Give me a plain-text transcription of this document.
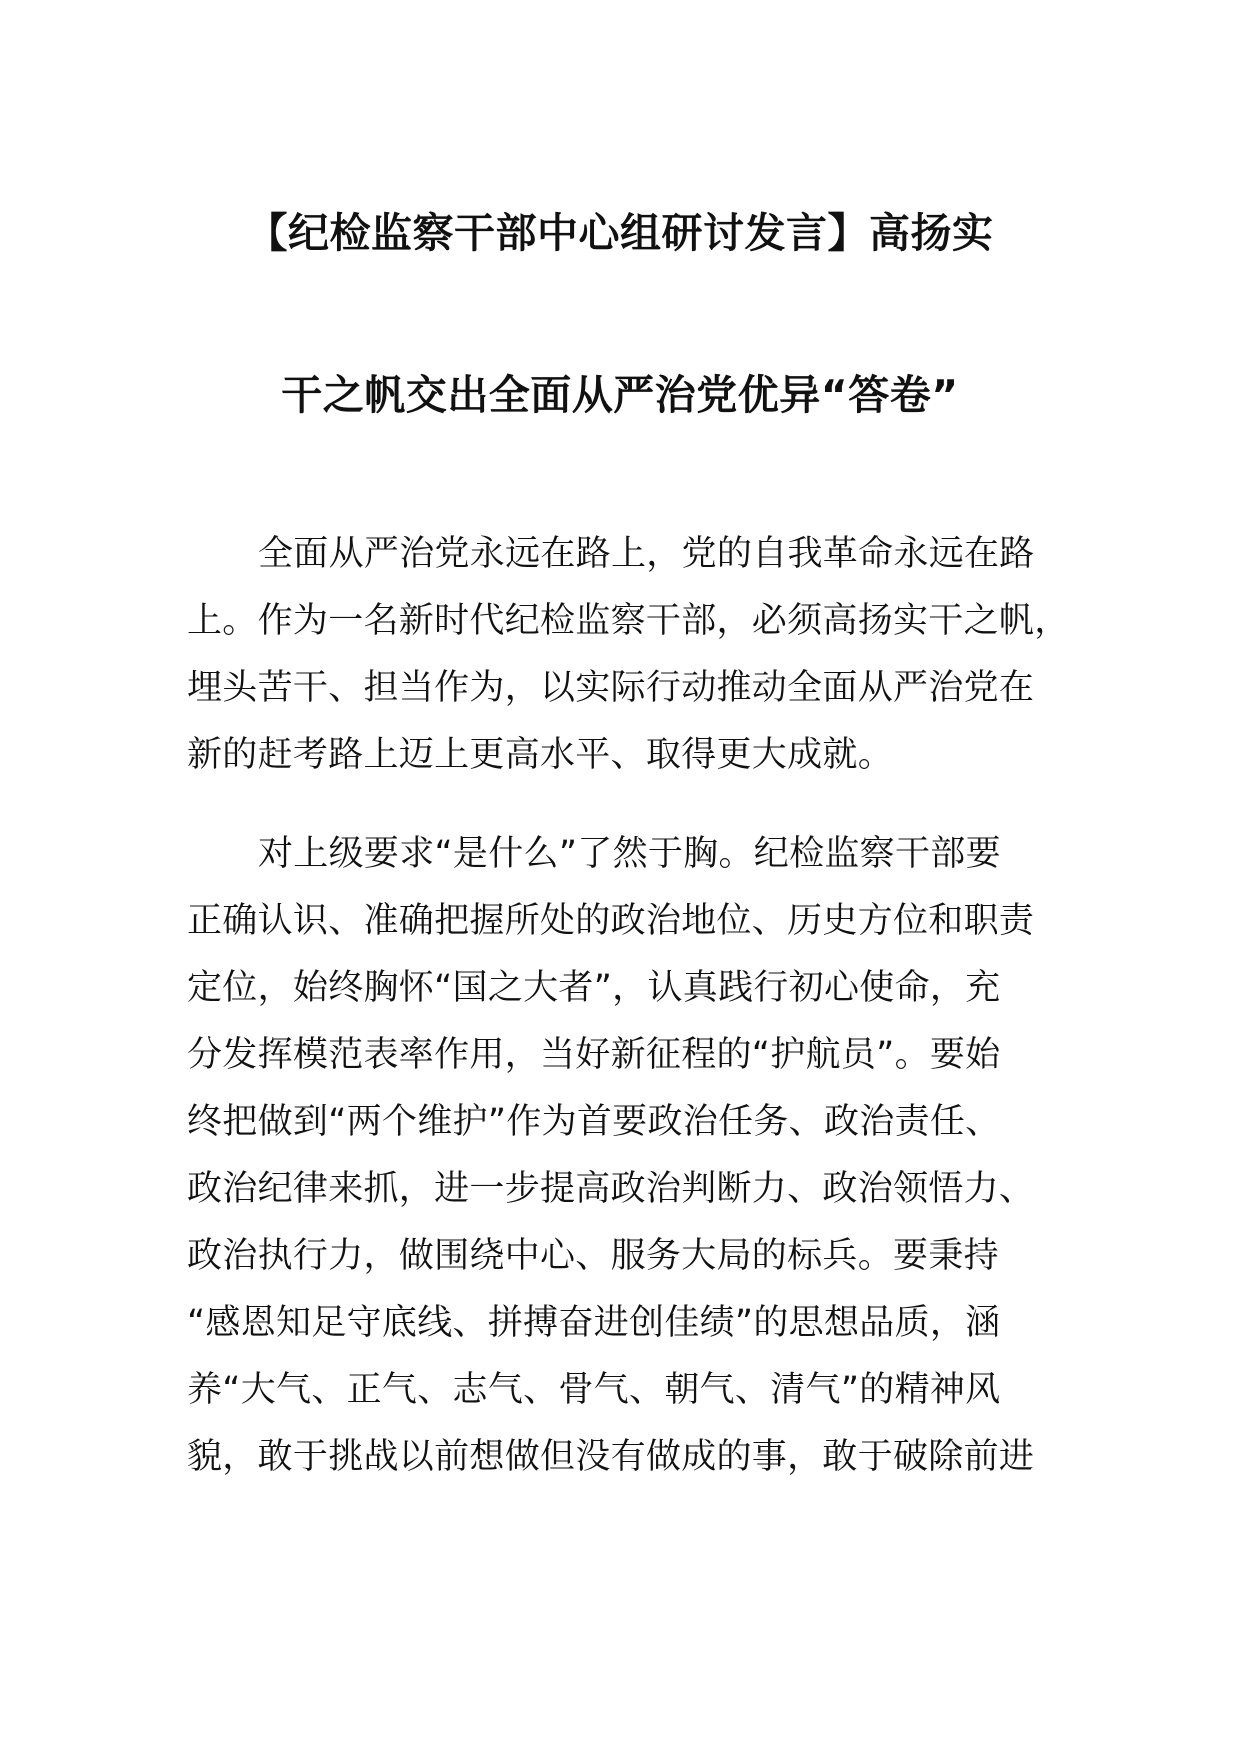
【纪检监察干部中心组研讨发言】高扬实
干之帆交出全面从严治党优异“答卷”
全面从严治党永远在路上，党的自我革命永远在路
上。作为一名新时代纪检监察干部，必须高扬实干之帆，
埋头苦干、担当作为，以实际行动推动全面从严治党在
新的赶考路上迈上更高水平、取得更大成就。
对上级要求“是什么”了然于胸。纪检监察干部要
正确认识、准确把握所处的政治地位、历史方位和职责
定位，始终胸怀“国之大者”，认真践行初心使命，充
分发挥模范表率作用，当好新征程的“护航员”。要始
终把做到“两个维护”作为首要政治任务、政治责任、
政治纪律来抓，进一步提高政治判断力、政治领悟力、
政治执行力，做围绕中心、服务大局的标兵。要秉持
“感恩知足守底线、拼搏奋进创佳绩”的思想品质，涵
养“大气、正气、志气、骨气、朝气、清气”的精神风
貌，敢于挑战以前想做但没有做成的事，敢于破除前进
